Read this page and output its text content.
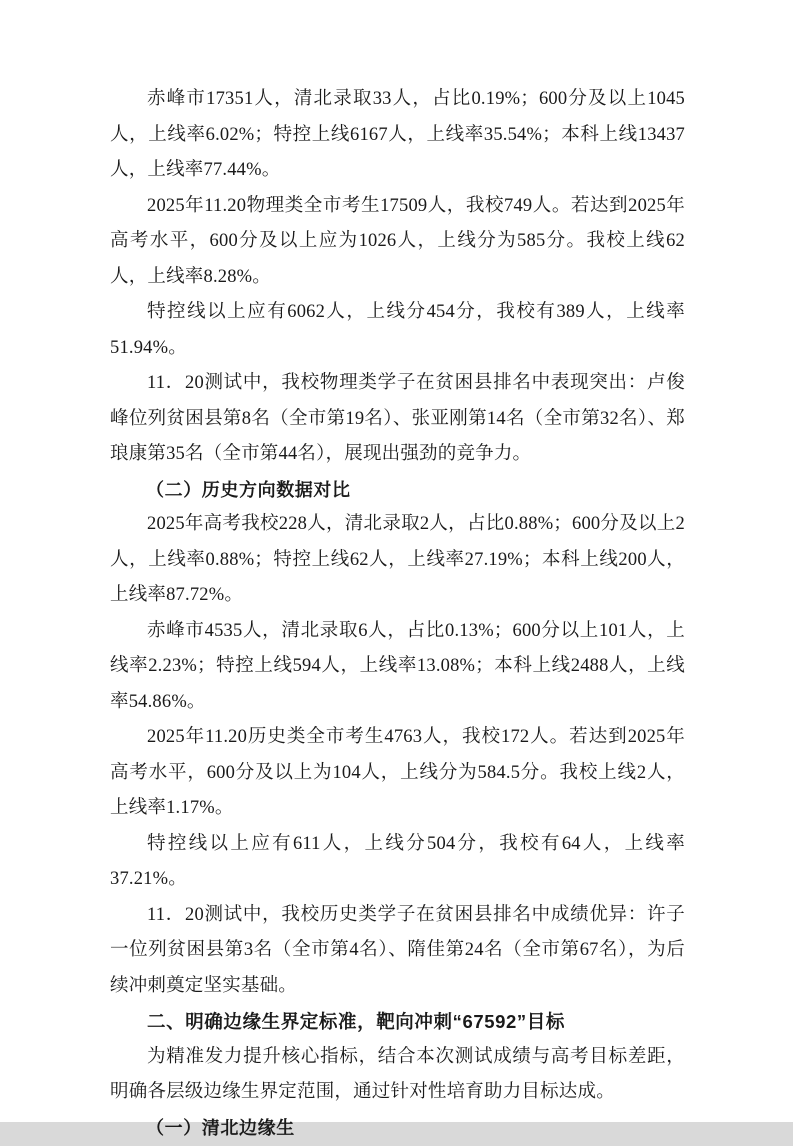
赤峰市17351人，清北录取33人，占比0.19%；600分及以上1045人，上线率6.02%；特控上线6167人，上线率35.54%；本科上线13437人，上线率77.44%。

2025年11.20物理类全市考生17509人，我校749人。若达到2025年高考水平，600分及以上应为1026人，上线分为585分。我校上线62人，上线率8.28%。

特控线以上应有6062人，上线分454分，我校有389人，上线率51.94%。

11．20测试中，我校物理类学子在贫困县排名中表现突出：卢俊峰位列贫困县第8名（全市第19名）、张亚刚第14名（全市第32名）、郑琅康第35名（全市第44名），展现出强劲的竞争力。

（二）历史方向数据对比

2025年高考我校228人，清北录取2人，占比0.88%；600分及以上2人，上线率0.88%；特控上线62人，上线率27.19%；本科上线200人，上线率87.72%。

赤峰市4535人，清北录取6人，占比0.13%；600分以上101人，上线率2.23%；特控上线594人，上线率13.08%；本科上线2488人，上线率54.86%。

2025年11.20历史类全市考生4763人，我校172人。若达到2025年高考水平，600分及以上为104人，上线分为584.5分。我校上线2人，上线率1.17%。

特控线以上应有611人，上线分504分，我校有64人，上线率37.21%。

11．20测试中，我校历史类学子在贫困县排名中成绩优异：许子一位列贫困县第3名（全市第4名）、隋佳第24名（全市第67名），为后续冲刺奠定坚实基础。

二、明确边缘生界定标准，靶向冲刺“67592”目标

为精准发力提升核心指标，结合本次测试成绩与高考目标差距，明确各层级边缘生界定范围，通过针对性培育助力目标达成。

（一）清北边缘生
